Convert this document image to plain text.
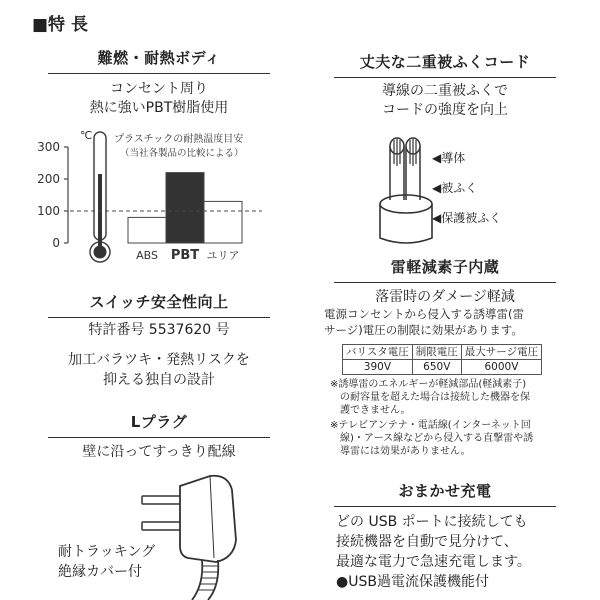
■特 長
難燃・耐熱ボディ
コンセント周り
熱に強いPBT樹脂使用
℃ プラスチックの耐熱温度目安
（当社各製品の比較による）
0
100
200
300
ABS PBT ユリア
スイッチ安全性向上
特許番号 5537620 号
加工バラツキ・発熱リスクを
抑える独自の設計
Lプラグ
壁に沿ってすっきり配線
耐トラッキング
絶縁カバー付
丈夫な二重被ふくコード
導線の二重被ふくで
コードの強度を向上
◀導体
◀被ふく
◀保護被ふく
雷軽減素子内蔵
落雷時のダメージ軽減
電源コンセントから侵入する誘導雷(雷
サージ)電圧の制限に効果があります。
バリスタ電圧	制限電圧	最大サージ電圧
390V	650V	6000V
※誘導雷のエネルギーが軽減部品(軽減素子)
の耐容量を超えた場合は接続した機器を保
護できません。
※テレビアンテナ・電話線(インターネット回
線)・アース線などから侵入する直撃雷や誘
導雷には効果がありません。
おまかせ充電
どの USB ポートに接続しても
接続機器を自動で見分けて、
最適な電力で急速充電します。
●USB過電流保護機能付
